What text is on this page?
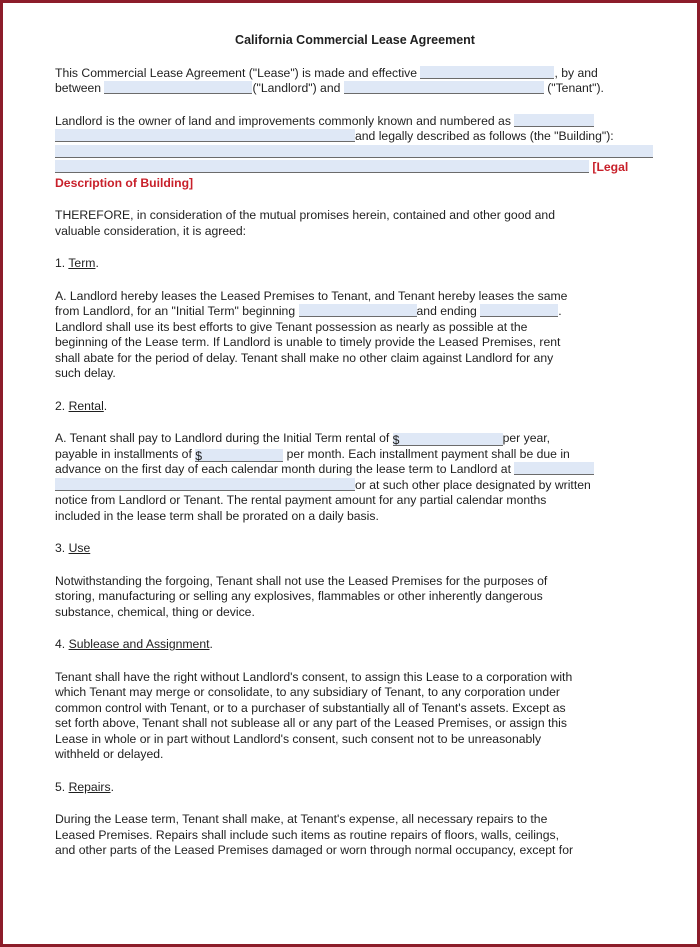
California Commercial Lease Agreement

This Commercial Lease Agreement ("Lease") is made and effective	, by and
between	("Landlord") and	("Tenant").
Landlord is the owner of land and improvements commonly known and numbered as
and legally described as follows (the "Building"):
[Legal
Description of Building]
THEREFORE, in consideration of the mutual promises herein, contained and other good and
valuable consideration, it is agreed:
1. Term.
A. Landlord hereby leases the Leased Premises to Tenant, and Tenant hereby leases the same
from Landlord, for an "Initial Term" beginning	and ending	.
Landlord shall use its best efforts to give Tenant possession as nearly as possible at the
beginning of the Lease term. If Landlord is unable to timely provide the Leased Premises, rent
shall abate for the period of delay. Tenant shall make no other claim against Landlord for any
such delay.
2. Rental.
A. Tenant shall pay to Landlord during the Initial Term rental of $	per year,
payable in installments of $	per month. Each installment payment shall be due in
advance on the first day of each calendar month during the lease term to Landlord at
or at such other place designated by written
notice from Landlord or Tenant. The rental payment amount for any partial calendar months
included in the lease term shall be prorated on a daily basis.
3. Use
Notwithstanding the forgoing, Tenant shall not use the Leased Premises for the purposes of
storing, manufacturing or selling any explosives, flammables or other inherently dangerous
substance, chemical, thing or device.
4. Sublease and Assignment.
Tenant shall have the right without Landlord's consent, to assign this Lease to a corporation with
which Tenant may merge or consolidate, to any subsidiary of Tenant, to any corporation under
common control with Tenant, or to a purchaser of substantially all of Tenant's assets. Except as
set forth above, Tenant shall not sublease all or any part of the Leased Premises, or assign this
Lease in whole or in part without Landlord's consent, such consent not to be unreasonably
withheld or delayed.
5. Repairs.
During the Lease term, Tenant shall make, at Tenant's expense, all necessary repairs to the
Leased Premises. Repairs shall include such items as routine repairs of floors, walls, ceilings,
and other parts of the Leased Premises damaged or worn through normal occupancy, except for
